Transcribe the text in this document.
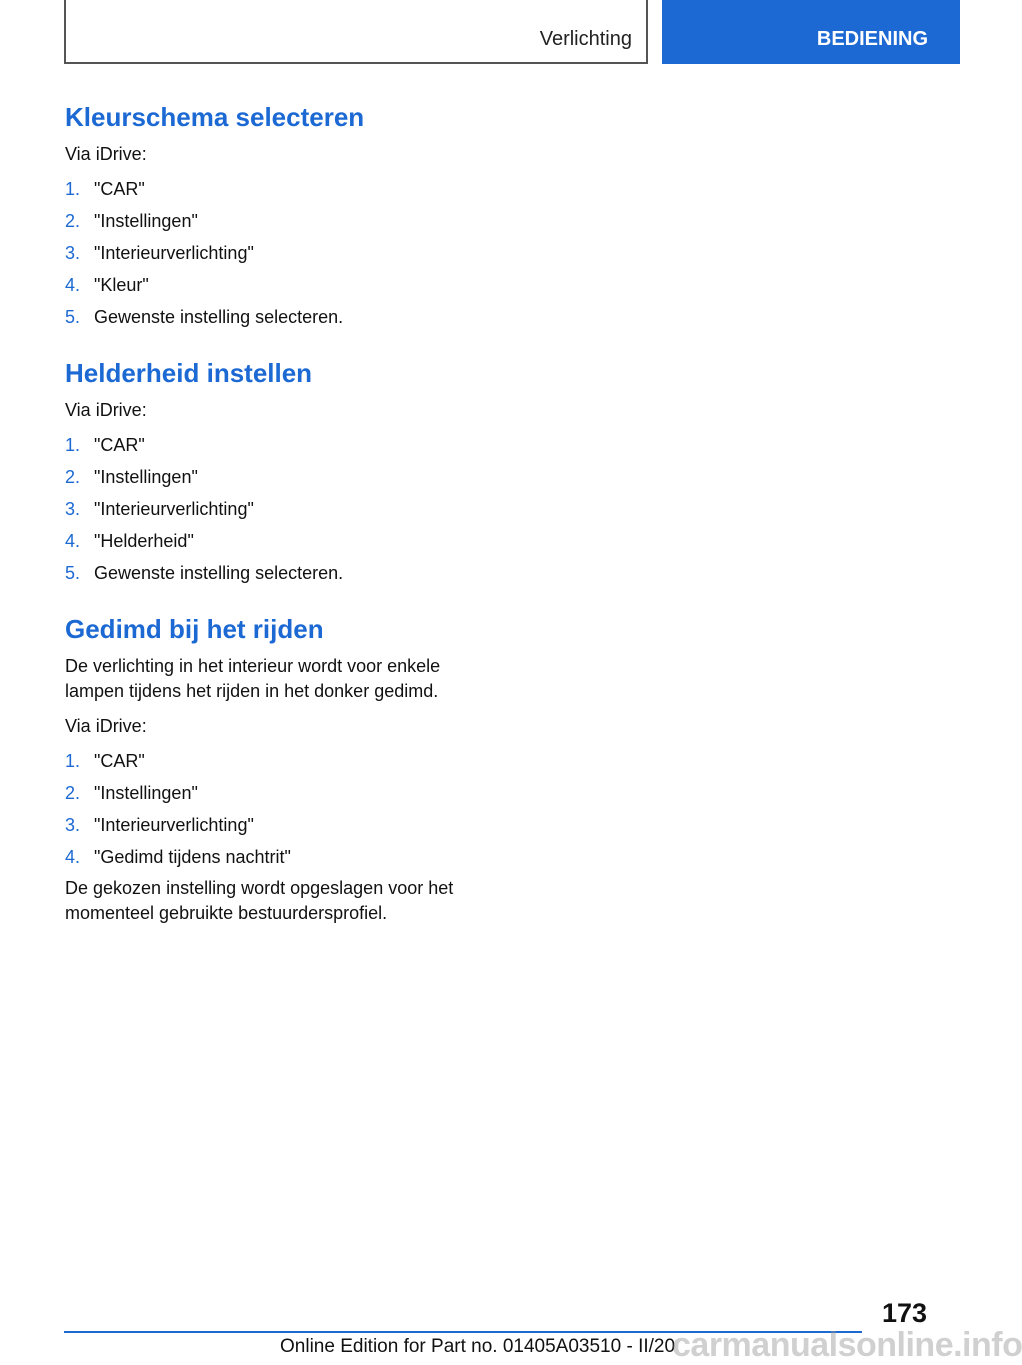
Verlichting	BEDIENING
Kleurschema selecteren

Via iDrive:

1. "CAR"
2. "Instellingen"
3. "Interieurverlichting"
4. "Kleur"
5. Gewenste instelling selecteren.
Helderheid instellen

Via iDrive:

1. "CAR"
2. "Instellingen"
3. "Interieurverlichting"
4. "Helderheid"
5. Gewenste instelling selecteren.
Gedimd bij het rijden

De verlichting in het interieur wordt voor enkele lampen tijdens het rijden in het donker gedimd.

Via iDrive:

1. "CAR"
2. "Instellingen"
3. "Interieurverlichting"
4. "Gedimd tijdens nachtrit"

De gekozen instelling wordt opgeslagen voor het momenteel gebruikte bestuurdersprofiel.

173
Online Edition for Part no. 01405A03510 - II/20
carmanualsonline.info
